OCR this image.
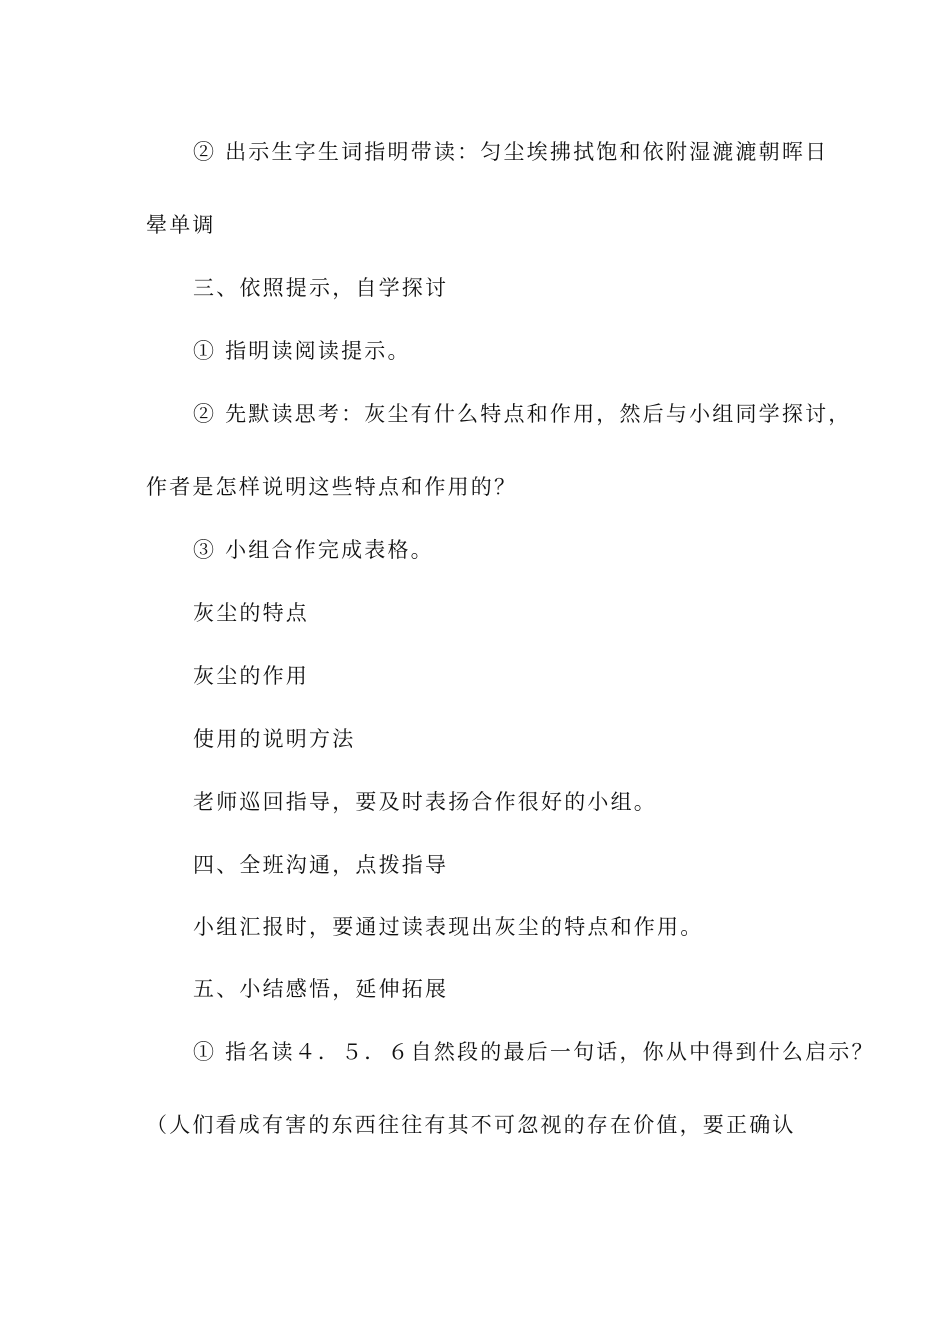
② 出示生字生词指明带读：匀尘埃拂拭饱和依附湿漉漉朝晖日
晕单调
三、依照提示，自学探讨
① 指明读阅读提示。
② 先默读思考：灰尘有什么特点和作用，然后与小组同学探讨，
作者是怎样说明这些特点和作用的？
③ 小组合作完成表格。
灰尘的特点
灰尘的作用
使用的说明方法
老师巡回指导，要及时表扬合作很好的小组。
四、全班沟通，点拨指导
小组汇报时，要通过读表现出灰尘的特点和作用。
五、小结感悟，延伸拓展
① 指名读４．５．６自然段的最后一句话，你从中得到什么启示？
（人们看成有害的东西往往有其不可忽视的存在价值，要正确认
